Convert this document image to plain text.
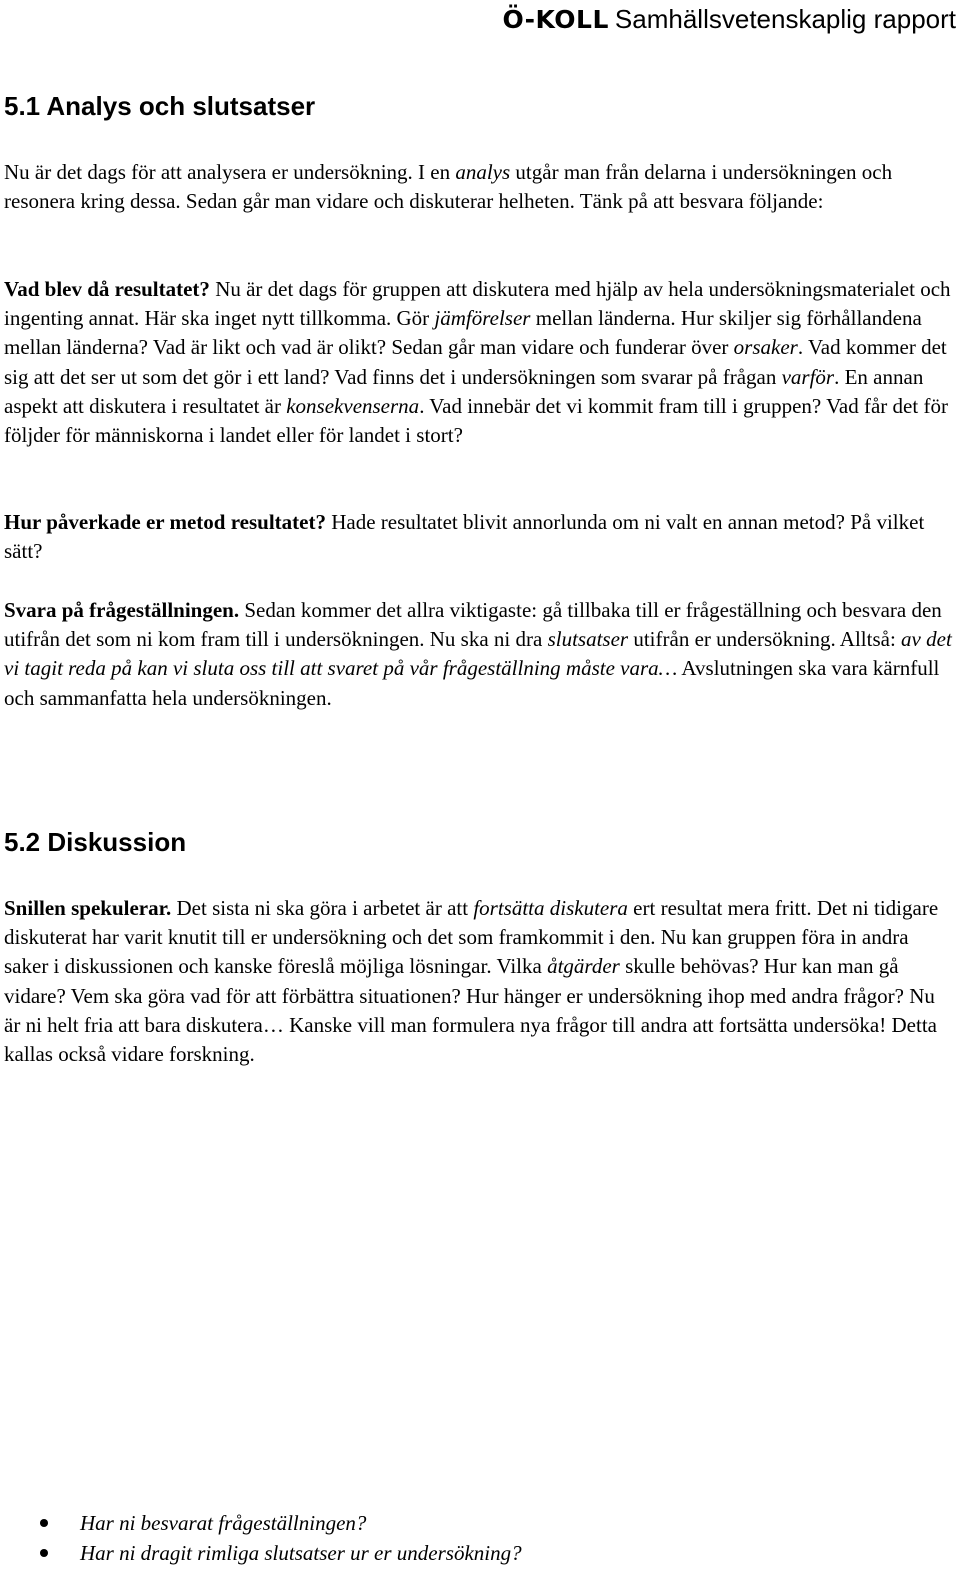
Ö-KOLL Samhällsvetenskaplig rapport
5.1 Analys och slutsatser

Nu är det dags för att analysera er undersökning. I en analys utgår man från delarna i undersökningen och resonera kring dessa. Sedan går man vidare och diskuterar helheten. Tänk på att besvara följande:

Vad blev då resultatet? Nu är det dags för gruppen att diskutera med hjälp av hela undersökningsmaterialet och ingenting annat. Här ska inget nytt tillkomma. Gör jämförelser mellan länderna. Hur skiljer sig förhållandena mellan länderna? Vad är likt och vad är olikt? Sedan går man vidare och funderar över orsaker. Vad kommer det sig att det ser ut som det gör i ett land? Vad finns det i undersökningen som svarar på frågan varför. En annan aspekt att diskutera i resultatet är konsekvenserna. Vad innebär det vi kommit fram till i gruppen? Vad får det för följder för människorna i landet eller för landet i stort?

Hur påverkade er metod resultatet? Hade resultatet blivit annorlunda om ni valt en annan metod? På vilket sätt?

Svara på frågeställningen. Sedan kommer det allra viktigaste: gå tillbaka till er frågeställning och besvara den utifrån det som ni kom fram till i undersökningen. Nu ska ni dra slutsatser utifrån er undersökning. Alltså: av det vi tagit reda på kan vi sluta oss till att svaret på vår frågeställning måste vara… Avslutningen ska vara kärnfull och sammanfatta hela undersökningen.

5.2 Diskussion

Snillen spekulerar. Det sista ni ska göra i arbetet är att fortsätta diskutera ert resultat mera fritt. Det ni tidigare diskuterat har varit knutit till er undersökning och det som framkommit i den. Nu kan gruppen föra in andra saker i diskussionen och kanske föreslå möjliga lösningar. Vilka åtgärder skulle behövas? Hur kan man gå vidare? Vem ska göra vad för att förbättra situationen? Hur hänger er undersökning ihop med andra frågor? Nu är ni helt fria att bara diskutera… Kanske vill man formulera nya frågor till andra att fortsätta undersöka! Detta kallas också vidare forskning.

Har ni besvarat frågeställningen?
Har ni dragit rimliga slutsatser ur er undersökning?
